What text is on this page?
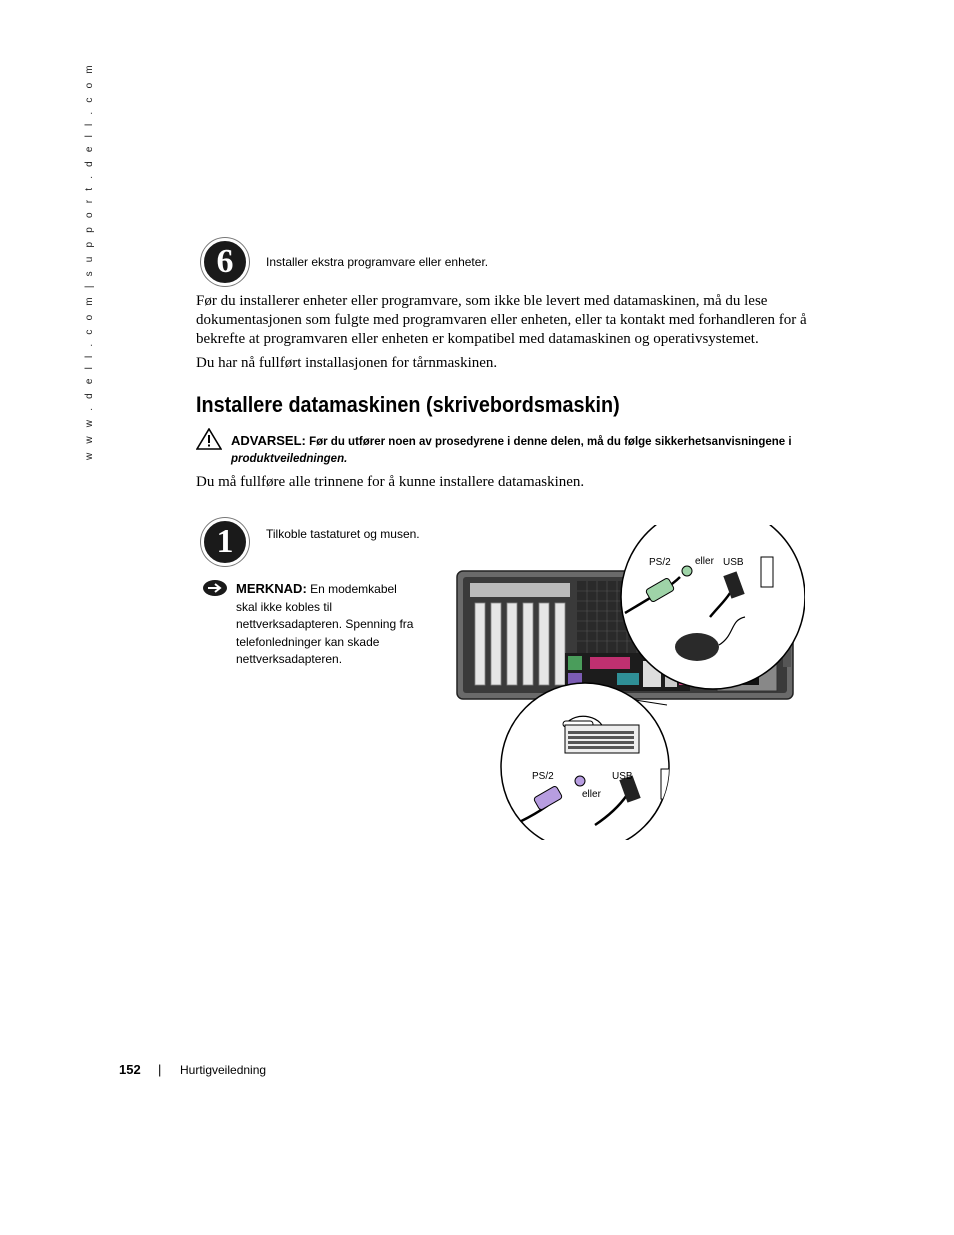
w w w . d e l l . c o m | s u p p o r t . d e l l . c o m	6	Installer ekstra programvare eller enheter.

Før du installerer enheter eller programvare, som ikke ble levert med datamaskinen, må du lese dokumentasjonen som fulgte med programvaren eller enheten, eller ta kontakt med forhandleren for å bekrefte at programvaren eller enheten er kompatibel med datamaskinen og operativsystemet.

Du har nå fullført installasjonen for tårnmaskinen.

Installere datamaskinen (skrivebordsmaskin)
ADVARSEL: Før du utfører noen av prosedyrene i denne delen, må du følge sikkerhetsanvisningene i
produktveiledningen.

Du må fullføre alle trinnene for å kunne installere datamaskinen.

1	Tilkoble tastaturet og musen.
MERKNAD: En modemkabel skal ikke kobles til nettverksadapteren. Spenning fra telefonledninger kan skade nettverksadapteren.
PS/2 eller USB
PS/2	USB
eller
152 | Hurtigveiledning
